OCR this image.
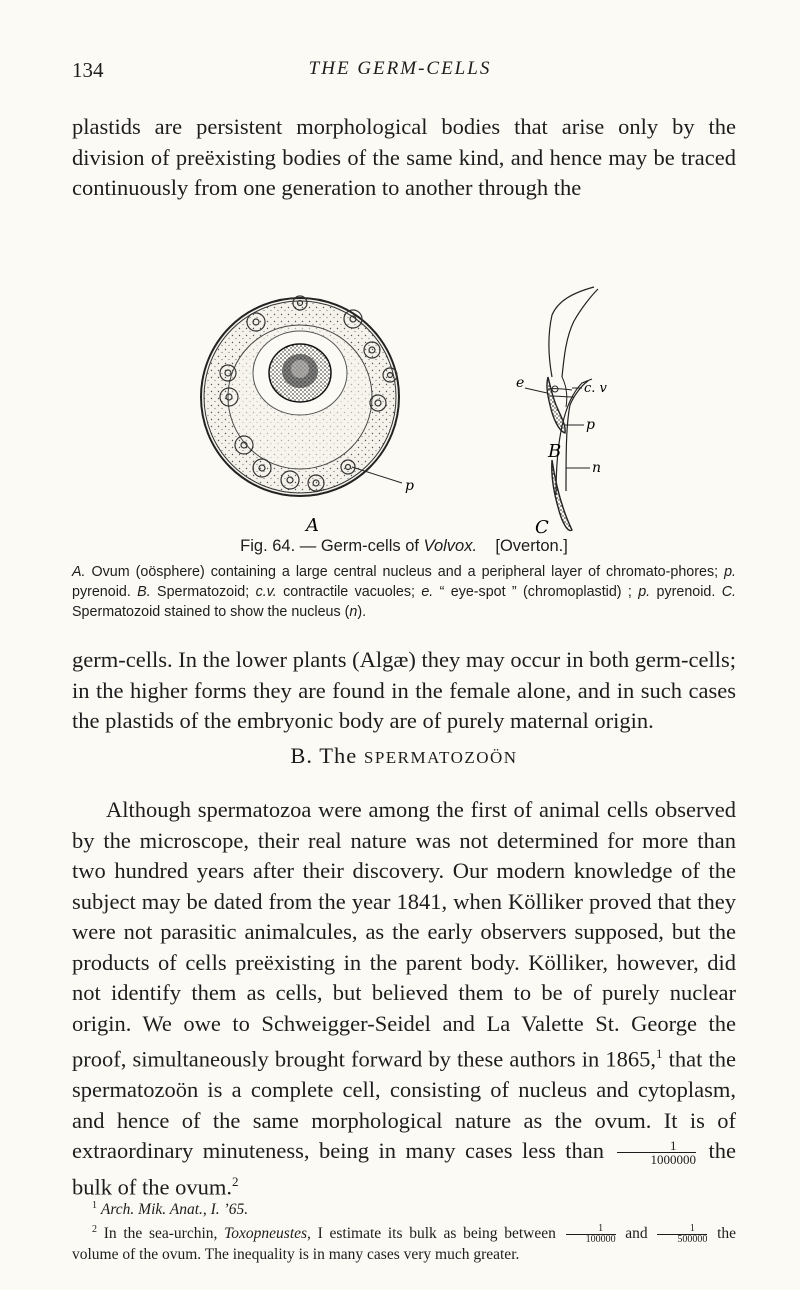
134	THE GERM-CELLS

plastids are persistent morphological bodies that arise only by the division of preëxisting bodies of the same kind, and hence may be traced continuously from one generation to another through the

A
p
B
e	c. v
p
n
C
Fig. 64. — Germ-cells of Volvox. [Overton.]

A. Ovum (oösphere) containing a large central nucleus and a peripheral layer of chromato-phores; p. pyrenoid. B. Spermatozoid; c.v. contractile vacuoles; e. “ eye-spot ” (chromoplastid) ; p. pyrenoid. C. Spermatozoid stained to show the nucleus (n).

germ-cells. In the lower plants (Algæ) they may occur in both germ-cells; in the higher forms they are found in the female alone, and in such cases the plastids of the embryonic body are of purely maternal origin.

B. The SPERMATOZOÖN

Although spermatozoa were among the first of animal cells observed by the microscope, their real nature was not determined for more than two hundred years after their discovery. Our modern knowledge of the subject may be dated from the year 1841, when Kölliker proved that they were not parasitic animalcules, as the early observers supposed, but the products of cells preëxisting in the parent body. Kölliker, however, did not identify them as cells, but believed them to be of purely nuclear origin. We owe to Schweigger-Seidel and La Valette St. George the proof, simultaneously brought forward by these authors in 1865,$^1$ that the spermatozoön is a complete cell, consisting of nucleus and cytoplasm, and hence of the same morphological nature as the ovum. It is of extraordinary minuteness, being in many cases less than $\frac{1}{1000000}$ the bulk of the ovum.$^2$

$^1$ Arch. Mik. Anat., I. ’65.

$^2$ In the sea-urchin, Toxopneustes, I estimate its bulk as being between $\frac{1}{100000}$ and $\frac{1}{500000}$ the volume of the ovum. The inequality is in many cases very much greater.
